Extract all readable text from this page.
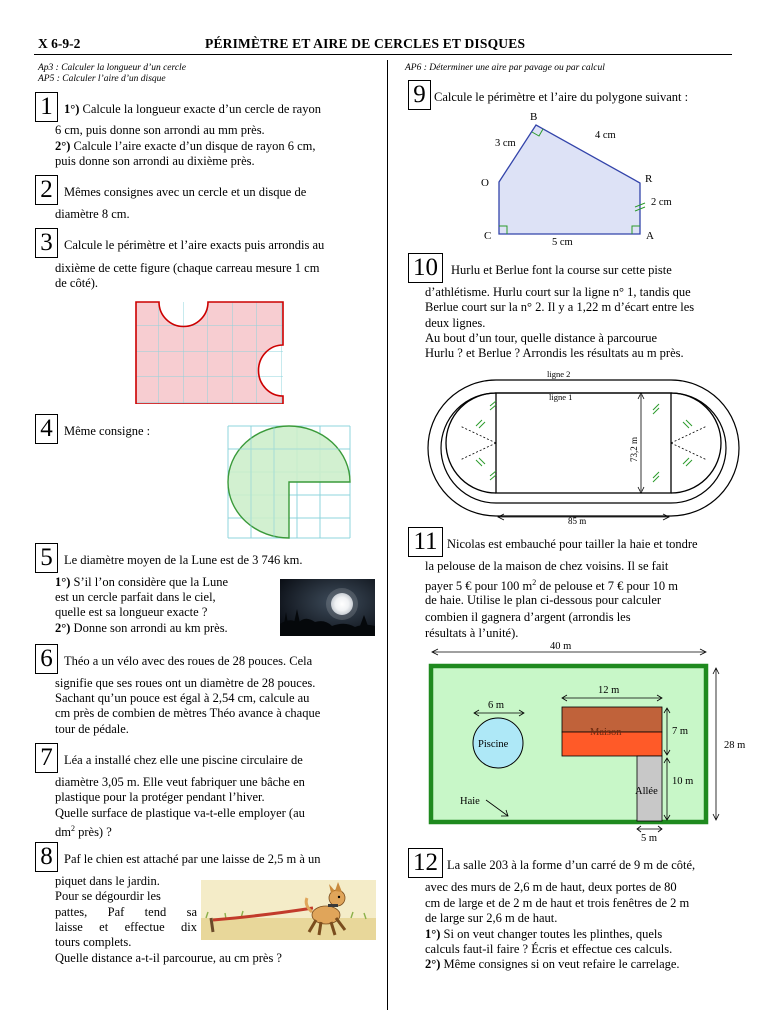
X 6-9-2	PÉRIMÈTRE ET AIRE DE CERCLES ET DISQUES
Ap3 : Calculer la longueur d’un cercle
AP5 : Calculer l’aire d’un disque
AP6 : Déterminer une aire par pavage ou par calcul
1 1°) Calcule la longueur exacte d’un cercle de rayon
6 cm, puis donne son arrondi au mm près.
2°) Calcule l’aire exacte d’un disque de rayon 6 cm,
puis donne son arrondi au dixième près.
2 Mêmes consignes avec un cercle et un disque de
diamètre 8 cm.
3 Calcule le périmètre et l’aire exacts puis arrondis au
dixième de cette figure (chaque carreau mesure 1 cm
de côté).
4 Même consigne :
5 Le diamètre moyen de la Lune est de 3 746 km.
1°) S’il l’on considère que la Lune
est un cercle parfait dans le ciel,
quelle est sa longueur exacte ?
2°) Donne son arrondi au km près.
6 Théo a un vélo avec des roues de 28 pouces. Cela
signifie que ses roues ont un diamètre de 28 pouces.
Sachant qu’un pouce est égal à 2,54 cm, calcule au
cm près de combien de mètres Théo avance à chaque
tour de pédale.
7 Léa a installé chez elle une piscine circulaire de
diamètre 3,05 m. Elle veut fabriquer une bâche en
plastique pour la protéger pendant l’hiver.
Quelle surface de plastique va-t-elle employer (au
$dm^2$ près) ?
8 Paf le chien est attaché par une laisse de 2,5 m à un
piquet dans le jardin.
Pour se dégourdir les
pattes, Paf tend sa
laisse et effectue dix
tours complets.
Quelle distance a-t-il parcourue, au cm près ?
9 Calcule le périmètre et l’aire du polygone suivant :
B
O	R
C	A
3 cm
4 cm
2 cm
5 cm
10	Hurlu et Berlue font la course sur cette piste
d’athlétisme. Hurlu court sur la ligne n° 1, tandis que
Berlue court sur la n° 2. Il y a 1,22 m d’écart entre les
deux lignes.
Au bout d’un tour, quelle distance à parcourue
Hurlu ? et Berlue ? Arrondis les résultats au m près.
73,2 m
85 m
ligne 2
ligne 1
11 Nicolas est embauché pour tailler la haie et tondre
la pelouse de la maison de chez voisins. Il se fait
payer 5 € pour 100 $m^2$ de pelouse et 7 € pour 10 m
de haie. Utilise le plan ci-dessous pour calculer
combien il gagnera d’argent (arrondis les
résultats à l’unité).
40 m
28 m
6 m
Piscine
12 m
Maison	7 m
Allée
10 m
Haie
5 m
12 La salle 203 à la forme d’un carré de 9 m de côté,
avec des murs de 2,6 m de haut, deux portes de 80
cm de large et de 2 m de haut et trois fenêtres de 2 m
de large sur 2,6 m de haut.
1°) Si on veut changer toutes les plinthes, quels
calculs faut-il faire ? Écris et effectue ces calculs.
2°) Même consignes si on veut refaire le carrelage.
